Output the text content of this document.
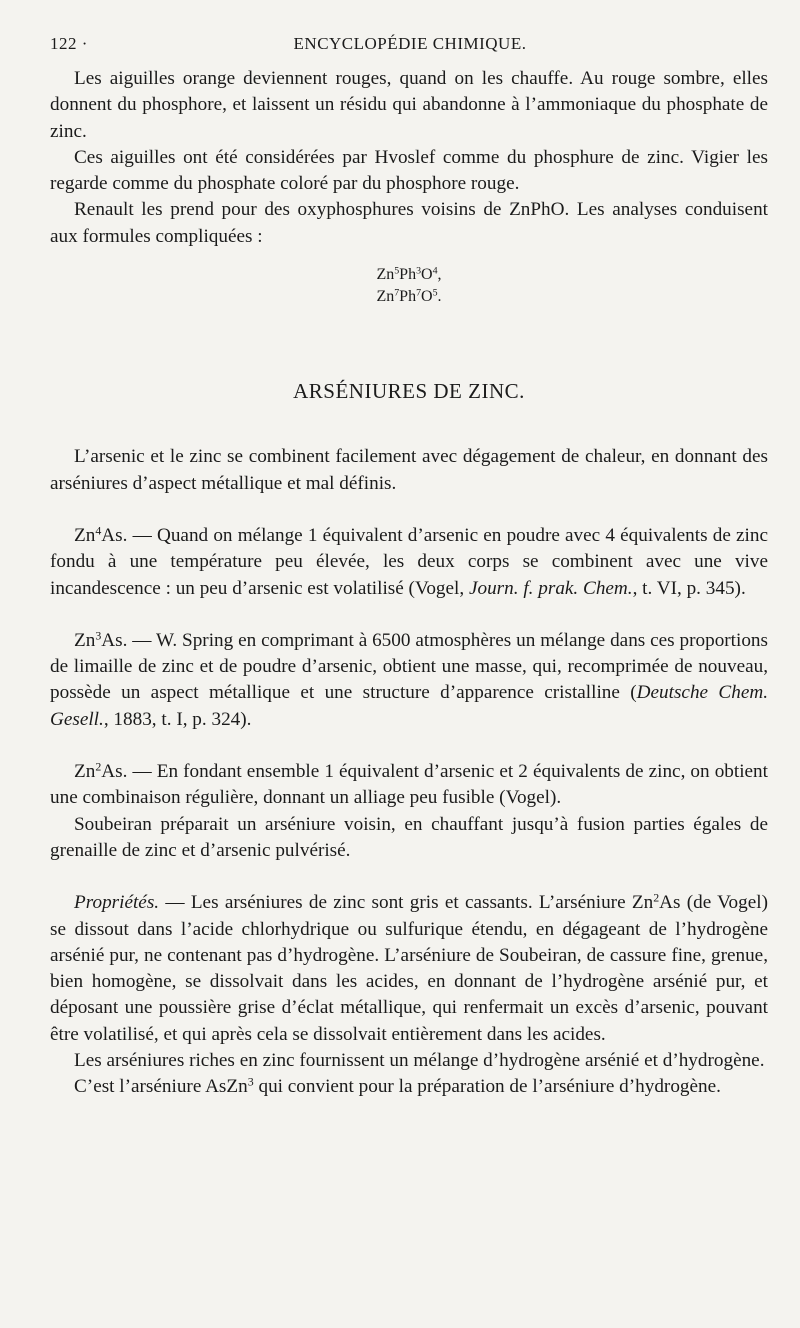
122 ·	ENCYCLOPÉDIE CHIMIQUE.

Les aiguilles orange deviennent rouges, quand on les chauffe. Au rouge sombre, elles donnent du phosphore, et laissent un résidu qui abandonne à l’ammoniaque du phosphate de zinc.

Ces aiguilles ont été considérées par Hvoslef comme du phosphure de zinc. Vigier les regarde comme du phosphate coloré par du phosphore rouge.

Renault les prend pour des oxyphosphures voisins de ZnPhO. Les analyses conduisent aux formules compliquées :

$Zn^5Ph^3O^4$,

$Zn^7Ph^7O^5$.

ARSÉNIURES DE ZINC.

L’arsenic et le zinc se combinent facilement avec dégagement de chaleur, en donnant des arséniures d’aspect métallique et mal définis.

Zn$^4$As. — Quand on mélange 1 équivalent d’arsenic en poudre avec 4 équivalents de zinc fondu à une température peu élevée, les deux corps se combinent avec une vive incandescence : un peu d’arsenic est volatilisé (Vogel, Journ. f. prak. Chem., t. VI, p. 345).

Zn$^3$As. — W. Spring en comprimant à 6500 atmosphères un mélange dans ces proportions de limaille de zinc et de poudre d’arsenic, obtient une masse, qui, recomprimée de nouveau, possède un aspect métallique et une structure d’apparence cristalline (Deutsche Chem. Gesell., 1883, t. I, p. 324).

Zn$^2$As. — En fondant ensemble 1 équivalent d’arsenic et 2 équivalents de zinc, on obtient une combinaison régulière, donnant un alliage peu fusible (Vogel).

Soubeiran préparait un arséniure voisin, en chauffant jusqu’à fusion parties égales de grenaille de zinc et d’arsenic pulvérisé.

Propriétés. — Les arséniures de zinc sont gris et cassants. L’arséniure Zn$^2$As (de Vogel) se dissout dans l’acide chlorhydrique ou sulfurique étendu, en dégageant de l’hydrogène arsénié pur, ne contenant pas d’hydrogène. L’arséniure de Soubeiran, de cassure fine, grenue, bien homogène, se dissolvait dans les acides, en donnant de l’hydrogène arsénié pur, et déposant une poussière grise d’éclat métallique, qui renfermait un excès d’arsenic, pouvant être volatilisé, et qui après cela se dissolvait entièrement dans les acides.

Les arséniures riches en zinc fournissent un mélange d’hydrogène arsénié et d’hydrogène.

C’est l’arséniure AsZn$^3$ qui convient pour la préparation de l’arséniure d’hydrogène.
